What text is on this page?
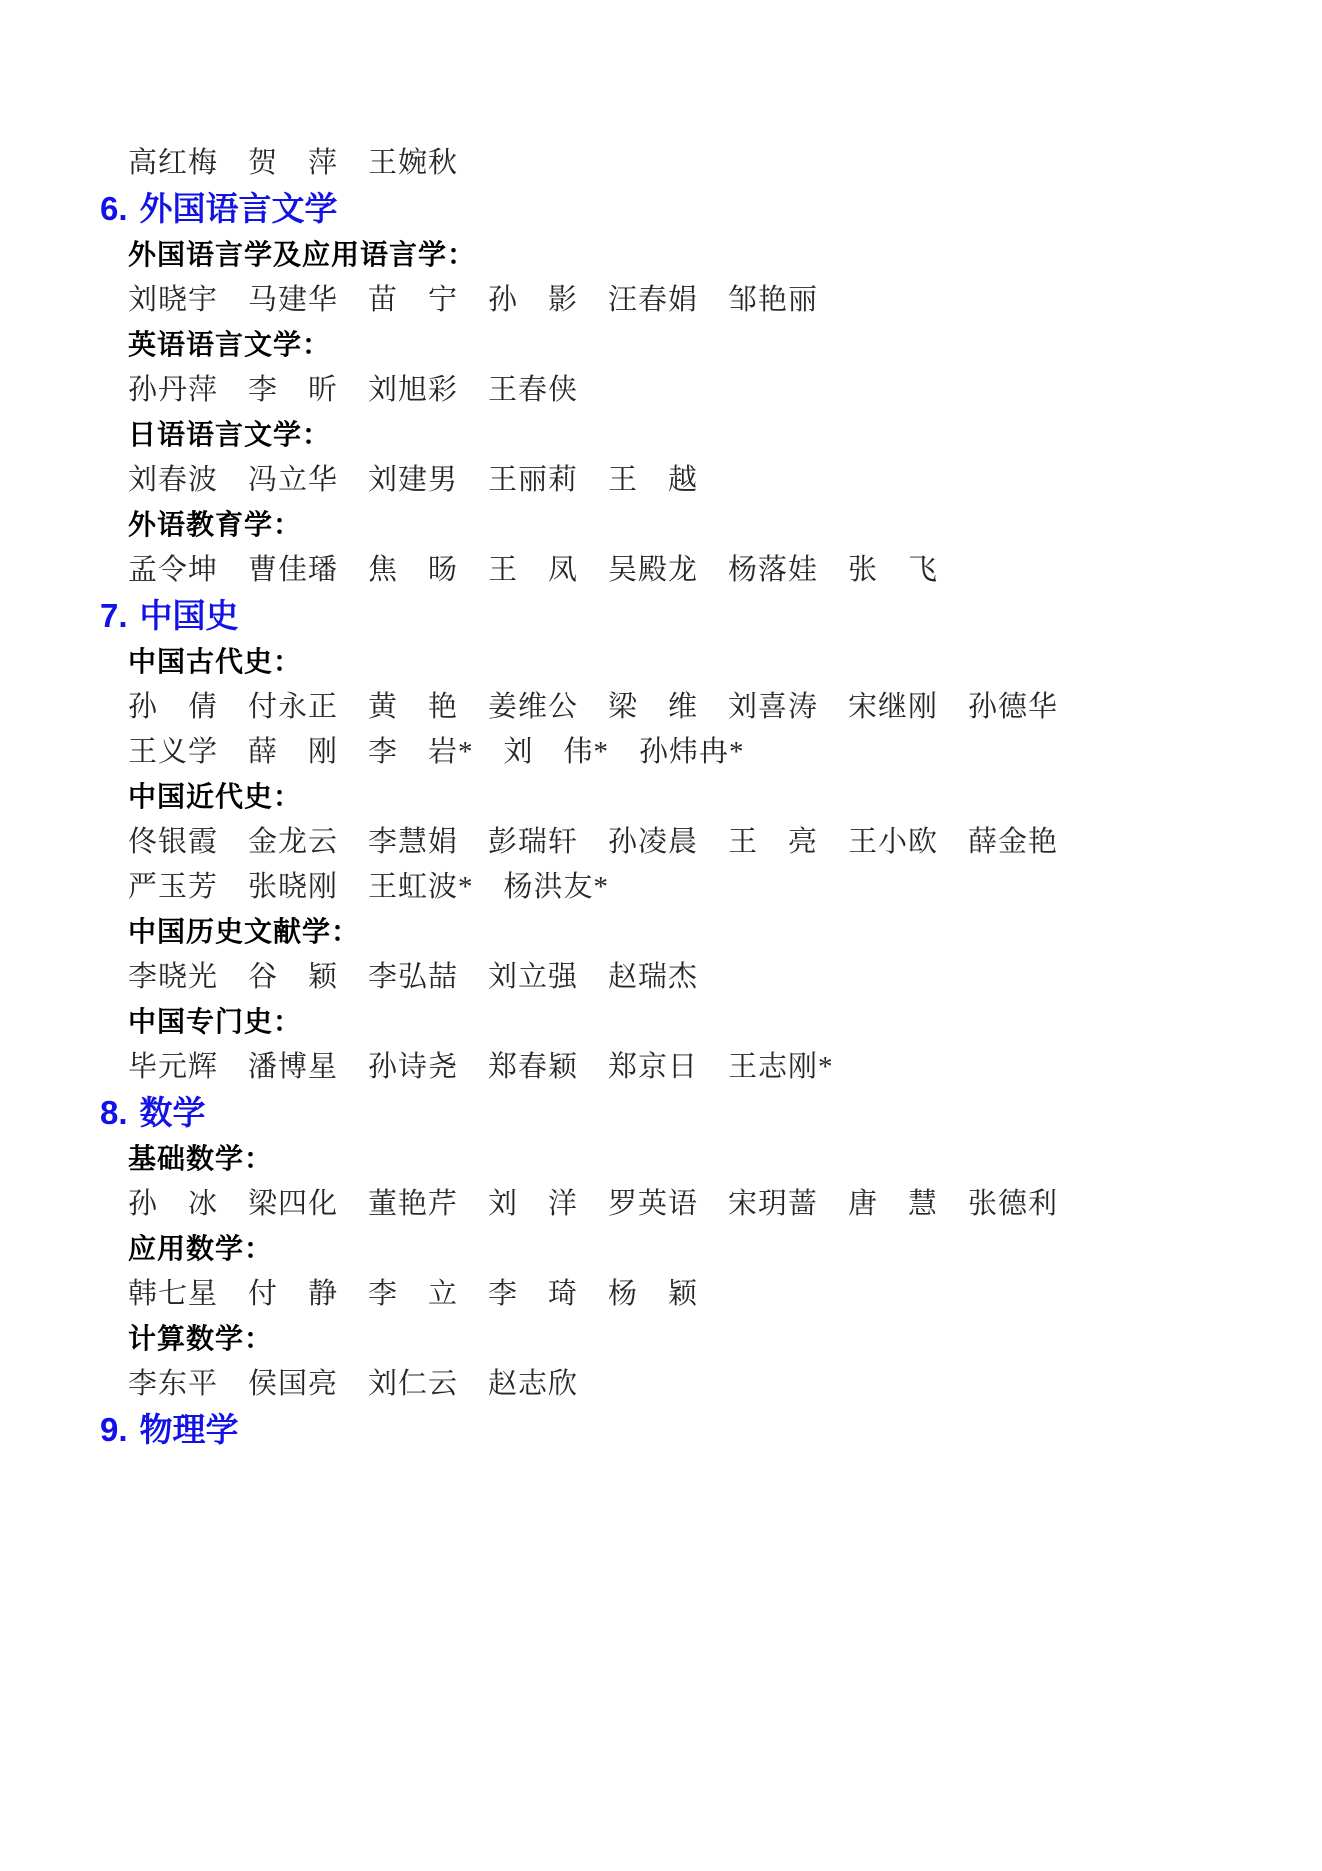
高红梅　贺　萍　王婉秋

6. 外国语言文学

外国语言学及应用语言学：

刘晓宇　马建华　苗　宁　孙　影　汪春娟　邹艳丽

英语语言文学：

孙丹萍　李　昕　刘旭彩　王春侠

日语语言文学：

刘春波　冯立华　刘建男　王丽莉　王　越

外语教育学：

孟令坤　曹佳璠　焦　旸　王　凤　吴殿龙　杨落娃　张　飞

7. 中国史

中国古代史：

孙　倩　付永正　黄　艳　姜维公　梁　维　刘喜涛　宋继刚　孙德华

王义学　薛　刚　李　岩*　刘　伟*　孙炜冉*

中国近代史：

佟银霞　金龙云　李慧娟　彭瑞轩　孙凌晨　王　亮　王小欧　薛金艳

严玉芳　张晓刚　王虹波*　杨洪友*

中国历史文献学：

李晓光　谷　颖　李弘喆　刘立强　赵瑞杰

中国专门史：

毕元辉　潘博星　孙诗尧　郑春颖　郑京日　王志刚*

8. 数学

基础数学：

孙　冰　梁四化　董艳芹　刘　洋　罗英语　宋玥蔷　唐　慧　张德利

应用数学：

韩七星　付　静　李　立　李　琦　杨　颖

计算数学：

李东平　侯国亮　刘仁云　赵志欣

9. 物理学
